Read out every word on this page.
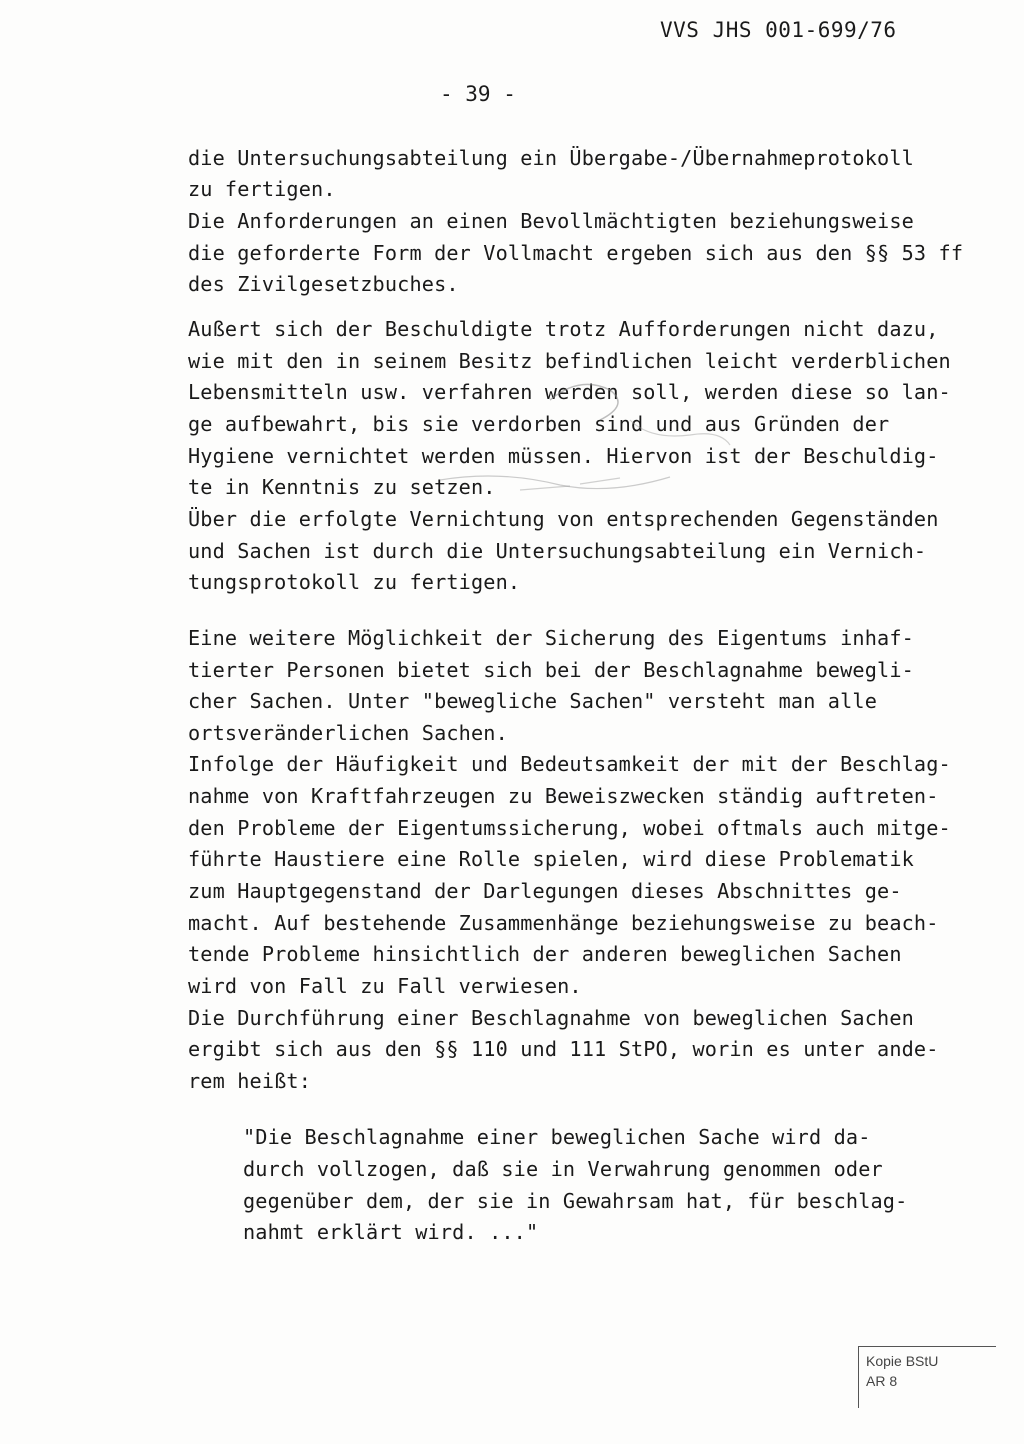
VVS JHS 001-699/76
- 39 -
die Untersuchungsabteilung ein Übergabe-/Übernahmeprotokoll
zu fertigen.
Die Anforderungen an einen Bevollmächtigten beziehungsweise
die geforderte Form der Vollmacht ergeben sich aus den §§ 53 ff
des Zivilgesetzbuches.
Außert sich der Beschuldigte trotz Aufforderungen nicht dazu,
wie mit den in seinem Besitz befindlichen leicht verderblichen
Lebensmitteln usw. verfahren werden soll, werden diese so lan-
ge aufbewahrt, bis sie verdorben sind und aus Gründen der
Hygiene vernichtet werden müssen. Hiervon ist der Beschuldig-
te in Kenntnis zu setzen.
Über die erfolgte Vernichtung von entsprechenden Gegenständen
und Sachen ist durch die Untersuchungsabteilung ein Vernich-
tungsprotokoll zu fertigen.
Eine weitere Möglichkeit der Sicherung des Eigentums inhaf-
tierter Personen bietet sich bei der Beschlagnahme bewegli-
cher Sachen. Unter "bewegliche Sachen" versteht man alle
ortsveränderlichen Sachen.
Infolge der Häufigkeit und Bedeutsamkeit der mit der Beschlag-
nahme von Kraftfahrzeugen zu Beweiszwecken ständig auftreten-
den Probleme der Eigentumssicherung, wobei oftmals auch mitge-
führte Haustiere eine Rolle spielen, wird diese Problematik
zum Hauptgegenstand der Darlegungen dieses Abschnittes ge-
macht. Auf bestehende Zusammenhänge beziehungsweise zu beach-
tende Probleme hinsichtlich der anderen beweglichen Sachen
wird von Fall zu Fall verwiesen.
Die Durchführung einer Beschlagnahme von beweglichen Sachen
ergibt sich aus den §§ 110 und 111 StPO, worin es unter ande-
rem heißt:
"Die Beschlagnahme einer beweglichen Sache wird da-
durch vollzogen, daß sie in Verwahrung genommen oder
gegenüber dem, der sie in Gewahrsam hat, für beschlag-
nahmt erklärt wird. ..."
Kopie BStU
AR 8
